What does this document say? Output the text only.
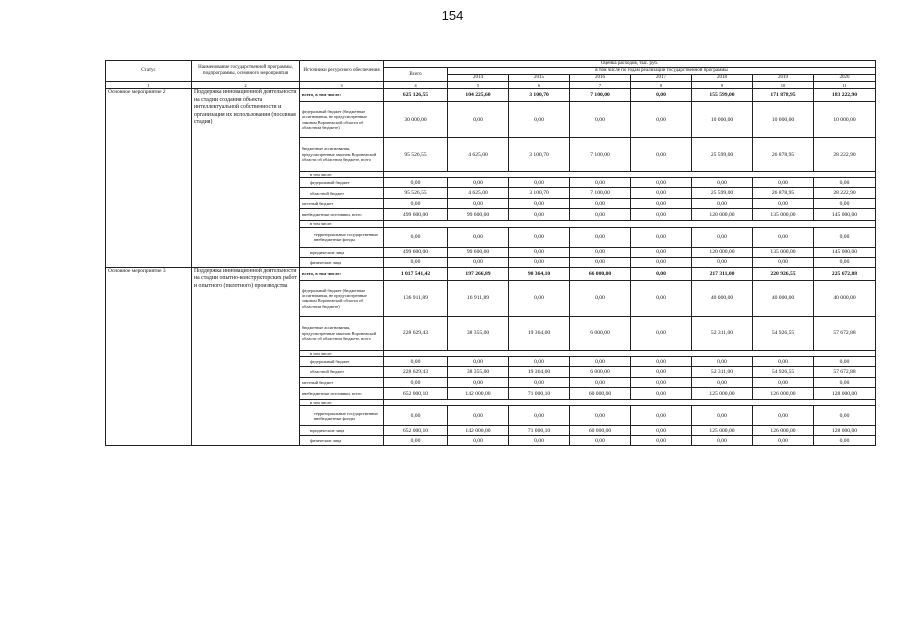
154
Статус	Наименование государственной программы, подпрограммы, основного мероприятия	Источники ресурсного обеспечения	Оценка расходов, тыс. руб.							
			Всего	в том числе по годам реализации государственной программы						
				2014	2015	2016	2017	2018	2019	2020
1	2	3	4	5	6	7	8	9	10	11
Основное мероприятие 2	Поддержка инновационной деятельности на стадии создания объекта интеллектуальной собственности и организация их использования (посевная стадия)	всего, в том числе:	625 126,55	104 225,60	3 100,70	7 100,00	0,00	155 599,00	171 878,95	183 222,90
		федеральный бюджет (бюджетные ассигнования, не предусмотренные законом Воронежской области об областном бюджете)	30 000,00	0,00	0,00	0,00	0,00	10 000,00	10 000,00	10 000,00
		бюджетные ассигнования, предусмотренные законом Воронежской области об областном бюджете, всего	95 526,55	4 625,00	3 100,70	7 100,00	0,00	25 599,00	26 878,95	28 222,90
		в том числе:								
		федеральный бюджет	0,00	0,00	0,00	0,00	0,00	0,00	0,00	0,00
		областной бюджет	95 526,55	4 625,00	3 100,70	7 100,00	0,00	25 599,00	26 878,95	28 222,90
		местный бюджет	0,00	0,00	0,00	0,00	0,00	0,00	0,00	0,00
		внебюджетные источники, всего	499 600,00	99 600,00	0,00	0,00	0,00	120 000,00	135 000,00	145 000,00
		в том числе:								
		территориальные государственные внебюджетные фонды	0,00	0,00	0,00	0,00	0,00	0,00	0,00	0,00
		юридические лица	499 600,00	99 600,00	0,00	0,00	0,00	120 000,00	135 000,00	145 000,00
		физические лица	0,00	0,00	0,00	0,00	0,00	0,00	0,00	0,00
Основное мероприятие 3	Поддержка инновационной деятельности на стадии опытно-конструкторских работ и опытного (пилотного) производства	всего, в том числе:	1 017 541,42	197 266,89	90 364,10	66 000,00	0,00	217 311,00	220 926,55	225 672,88
		федеральный бюджет (бюджетные ассигнования, не предусмотренные законом Воронежской области об областном бюджете)	136 911,89	16 911,89	0,00	0,00	0,00	40 000,00	40 000,00	40 000,00
		бюджетные ассигнования, предусмотренные законом Воронежской области об областном бюджете, всего	228 629,43	38 355,00	19 364,00	6 000,00	0,00	52 311,00	54 926,55	57 672,88
		в том числе:								
		федеральный бюджет	0,00	0,00	0,00	0,00	0,00	0,00	0,00	0,00
		областной бюджет	228 629,43	38 355,00	19 364,00	6 000,00	0,00	52 311,00	54 926,55	57 672,88
		местный бюджет	0,00	0,00	0,00	0,00	0,00	0,00	0,00	0,00
		внебюджетные источники, всего	652 000,10	142 000,00	71 000,10	60 000,00	0,00	125 000,00	126 000,00	128 000,00
		в том числе:								
		территориальные государственные внебюджетные фонды	0,00	0,00	0,00	0,00	0,00	0,00	0,00	0,00
		юридические лица	652 000,10	142 000,00	71 000,10	60 000,00	0,00	125 000,00	126 000,00	128 000,00
		физические лица	0,00	0,00	0,00	0,00	0,00	0,00	0,00	0,00
